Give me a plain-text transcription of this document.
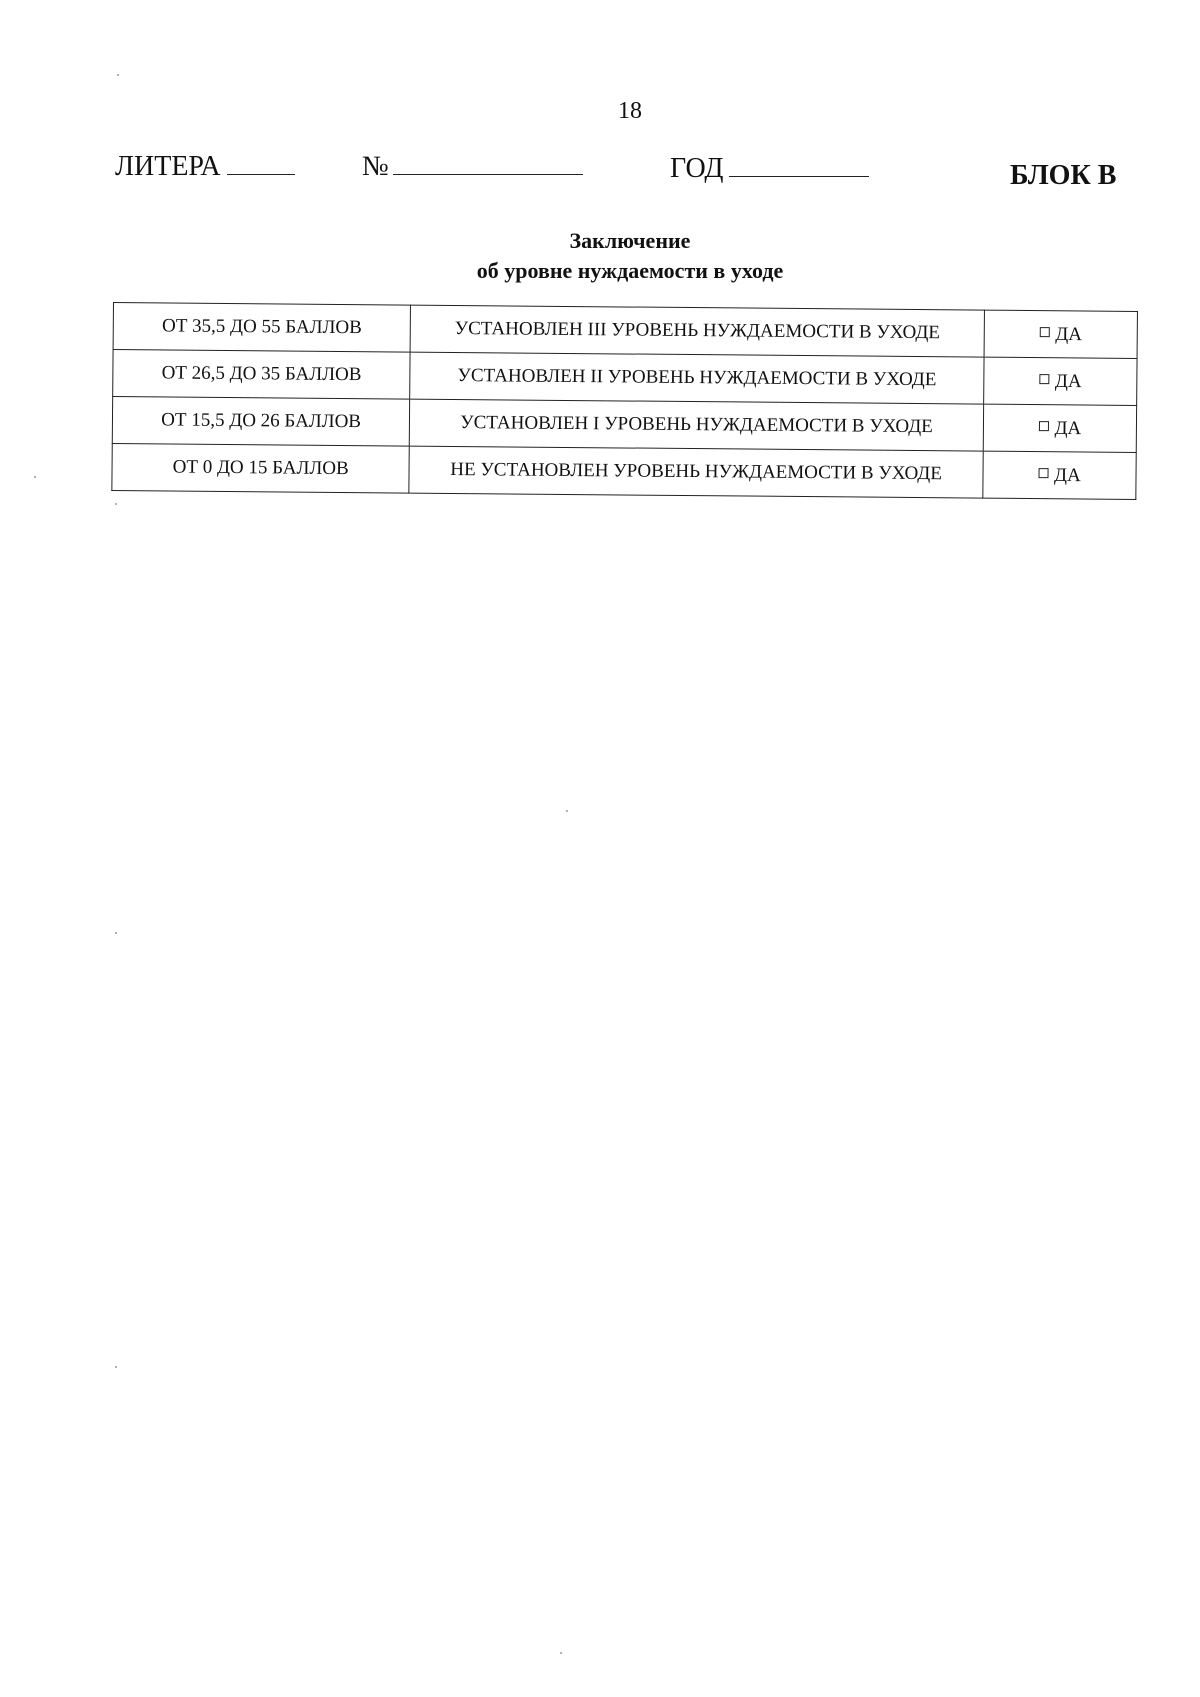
18
ЛИТЕРА	№	ГОД	БЛОК В
Заключение
об уровне нуждаемости в уходе
ОТ 35,5 ДО 55 БАЛЛОВ	УСТАНОВЛЕН III УРОВЕНЬ НУЖДАЕМОСТИ В УХОДЕ	ДА
ОТ 26,5 ДО 35 БАЛЛОВ	УСТАНОВЛЕН II УРОВЕНЬ НУЖДАЕМОСТИ В УХОДЕ	ДА
ОТ 15,5 ДО 26 БАЛЛОВ	УСТАНОВЛЕН I УРОВЕНЬ НУЖДАЕМОСТИ В УХОДЕ	ДА
ОТ 0 ДО 15 БАЛЛОВ	НЕ УСТАНОВЛЕН УРОВЕНЬ НУЖДАЕМОСТИ В УХОДЕ	ДА
